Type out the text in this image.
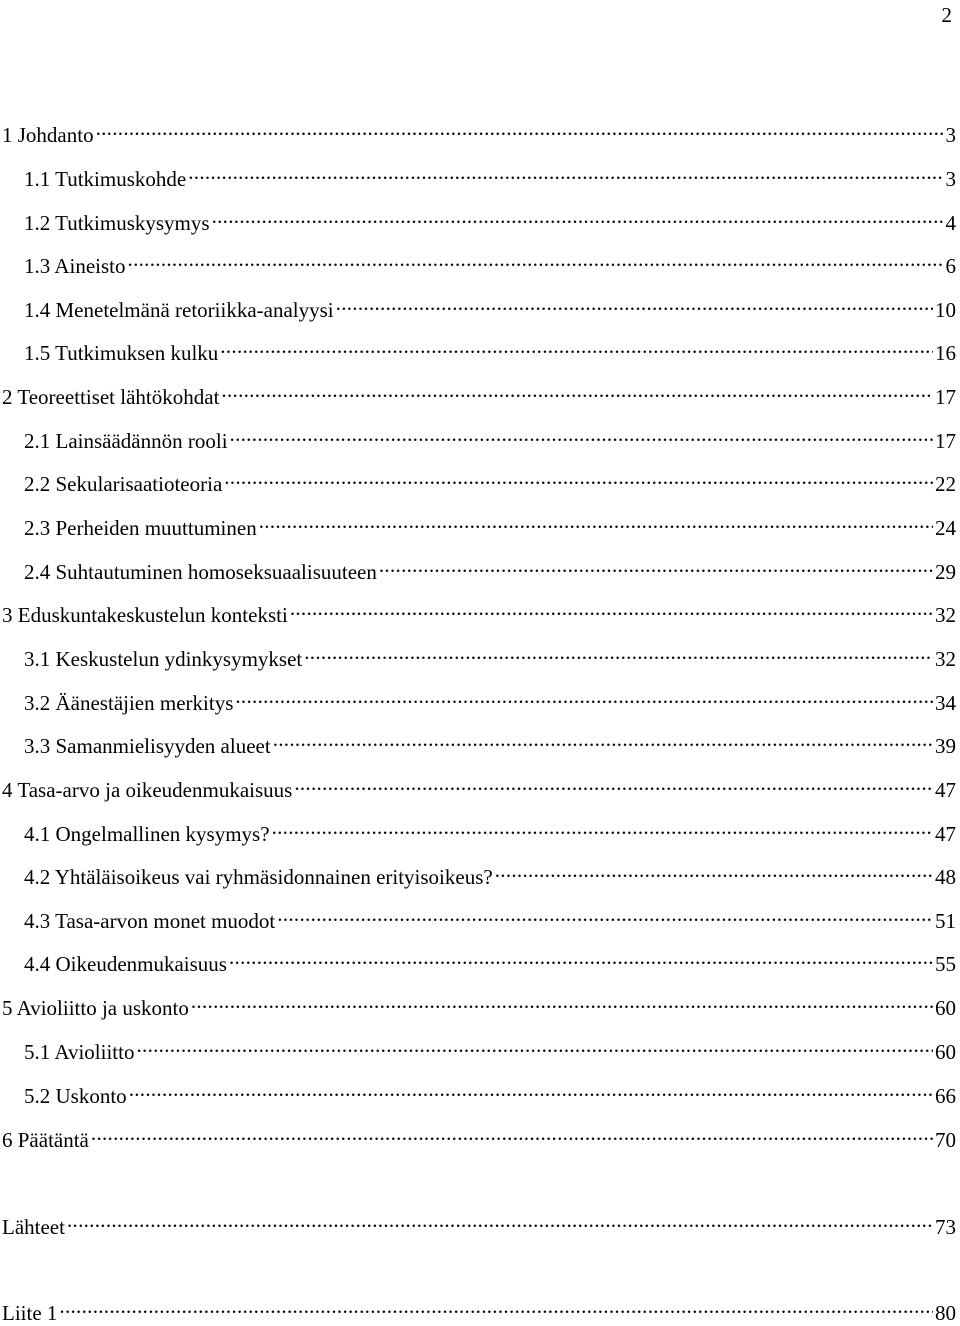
2
1 Johdanto .....	3
1.1 Tutkimuskohde .....	3
1.2 Tutkimuskysymys .....	4
1.3 Aineisto .....	6
1.4 Menetelmänä retoriikka-analyysi .....	10
1.5 Tutkimuksen kulku .....	16
2 Teoreettiset lähtökohdat .....	17
2.1 Lainsäädännön rooli .....	17
2.2 Sekularisaatioteoria .....	22
2.3 Perheiden muuttuminen .....	24
2.4 Suhtautuminen homoseksuaalisuuteen .....	29
3 Eduskuntakeskustelun konteksti .....	32
3.1 Keskustelun ydinkysymykset .....	32
3.2 Äänestäjien merkitys .....	34
3.3 Samanmielisyyden alueet .....	39
4 Tasa-arvo ja oikeudenmukaisuus .....	47
4.1 Ongelmallinen kysymys? .....	47
4.2 Yhtäläisoikeus vai ryhmäsidonnainen erityisoikeus? .....	48
4.3 Tasa-arvon monet muodot .....	51
4.4 Oikeudenmukaisuus .....	55
5 Avioliitto ja uskonto .....	60
5.1 Avioliitto .....	60
5.2 Uskonto .....	66
6 Päätäntä .....	70
Lähteet .....	73
Liite 1 .....	80
